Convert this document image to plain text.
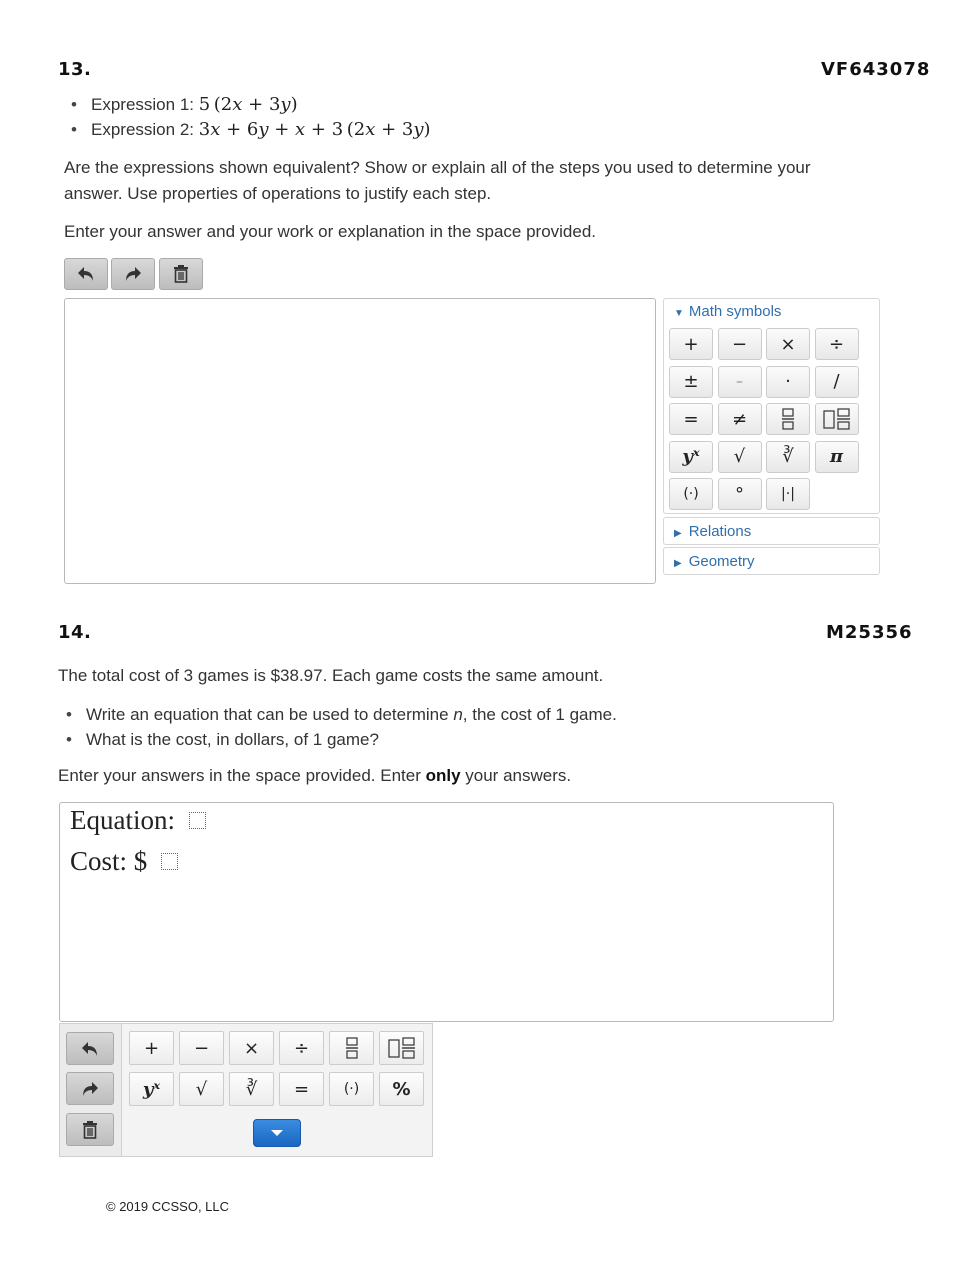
13.	VF643078
• Expression 1: 5 (2x + 3y)
• Expression 2: 3x + 6y + x + 3 (2x + 3y)
Are the expressions shown equivalent? Show or explain all of the steps you used to determine your answer. Use properties of operations to justify each step.
Enter your answer and your work or explanation in the space provided.
▼ Math symbols
+	−	×	÷
±	–	·	/
=	≠
yˣ	√	∛	π
(·)	°	|·|
▶ Relations
▶ Geometry
14.	M25356
The total cost of 3 games is $38.97. Each game costs the same amount.
• Write an equation that can be used to determine n, the cost of 1 game.
• What is the cost, in dollars, of 1 game?
Enter your answers in the space provided. Enter only your answers.
Equation:
Cost: $
+	−	×	÷
yˣ	√	∛	=	(·)	%
© 2019 CCSSO, LLC
